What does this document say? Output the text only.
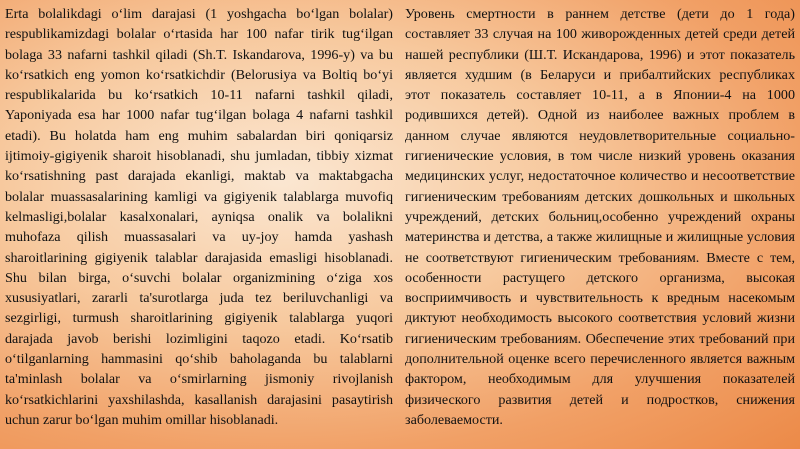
Erta bolalikdagi oʻlim darajasi (1 yoshgacha boʻlgan bolalar) respublikamizdagi bolalar oʻrtasida har 100 nafar tirik tugʻilgan bolaga 33 nafarni tashkil qiladi (Sh.T. Iskandarova, 1996-y) va bu koʻrsatkich eng yomon koʻrsatkichdir (Belorusiya va Boltiq boʻyi respublikalarida bu koʻrsatkich 10-11 nafarni tashkil qiladi, Yaponiyada esa har 1000 nafar tugʻilgan bolaga 4 nafarni tashkil etadi). Bu holatda ham eng muhim sabalardan biri qoniqarsiz ijtimoiy-gigiyenik sharoit hisoblanadi, shu jumladan, tibbiy xizmat koʻrsatishning past darajada ekanligi, maktab va maktabgacha bolalar muassasalarining kamligi va gigiyenik talablarga muvofiq kelmasligi,bolalar kasalxonalari, ayniqsa onalik va bolalikni muhofaza qilish muassasalari va uy-joy hamda yashash sharoitlarining gigiyenik talablar darajasida emasligi hisoblanadi. Shu bilan birga, oʻsuvchi bolalar organizmining oʻziga xos xususiyatlari, zararli ta'surotlarga juda tez beriluvchanligi va sezgirligi, turmush sharoitlarining gigiyenik talablarga yuqori darajada javob berishi lozimligini taqozo etadi. Koʻrsatib oʻtilganlarning hammasini qoʻshib baholaganda bu talablarni ta'minlash bolalar va oʻsmirlarning jismoniy rivojlanish koʻrsatkichlarini yaxshilashda, kasallanish darajasini pasaytirish uchun zarur boʻlgan muhim omillar hisoblanadi.

Уровень смертности в раннем детстве (дети до 1 года) составляет 33 случая на 100 живорожденных детей среди детей нашей республики (Ш.Т. Искандарова, 1996) и этот показатель является худшим (в Беларуси и прибалтийских республиках этот показатель составляет 10-11, а в Японии-4 на 1000 родившихся детей). Одной из наиболее важных проблем в данном случае являются неудовлетворительные социально-гигиенические условия, в том числе низкий уровень оказания медицинских услуг, недостаточное количество и несоответствие гигиеническим требованиям детских дошкольных и школьных учреждений, детских больниц,особенно учреждений охраны материнства и детства, а также жилищные и жилищные условия не соответствуют гигиеническим требованиям. Вместе с тем, особенности растущего детского организма, высокая восприимчивость и чувствительность к вредным насекомым диктуют необходимость высокого соответствия условий жизни гигиеническим требованиям. Обеспечение этих требований при дополнительной оценке всего перечисленного является важным фактором, необходимым для улучшения показателей физического развития детей и подростков, снижения заболеваемости.
